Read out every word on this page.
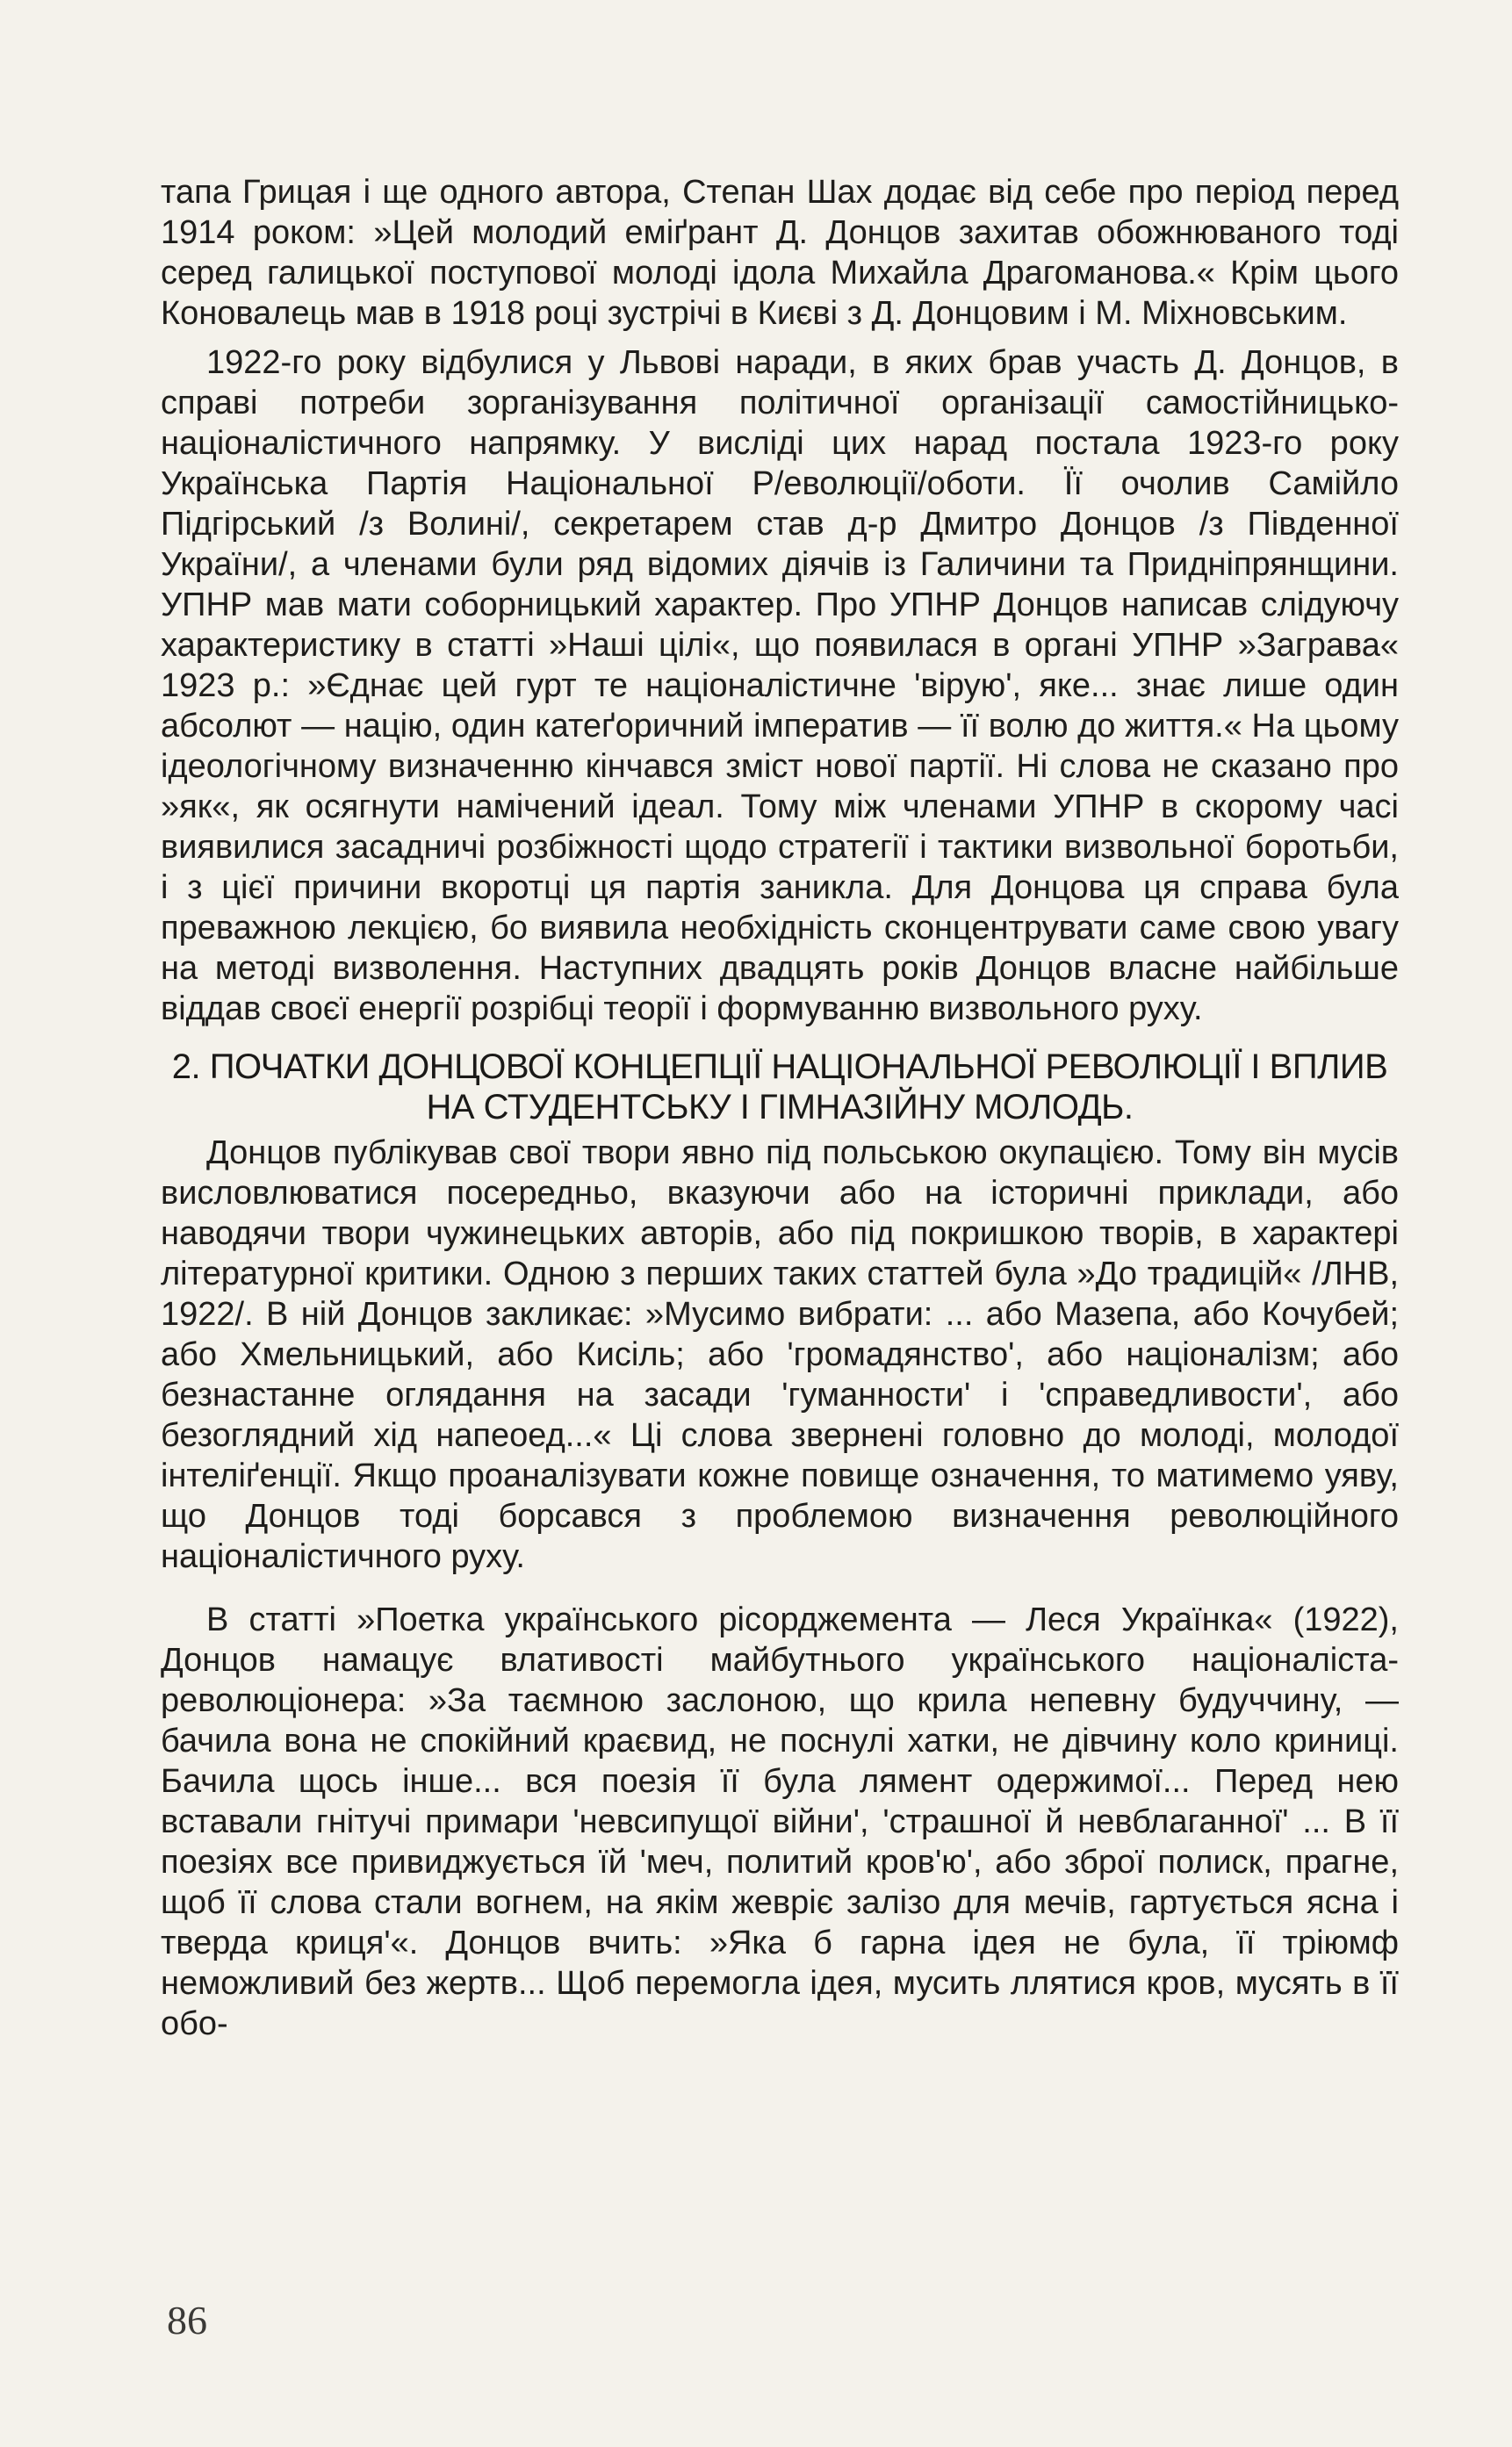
тапа Грицая і ще одного автора, Степан Шах додає від себе про період перед 1914 роком: »Цей молодий еміґрант Д. Донцов захитав обожнюваного тоді серед галицької поступової молоді ідола Михайла Драгоманова.« Крім цього Коновалець мав в 1918 році зустрічі в Києві з Д. Донцовим і М. Міхновським.

1922-го року відбулися у Львові наради, в яких брав участь Д. Донцов, в справі потреби зорганізування політичної організації самостійницько-націоналістичного напрямку. У висліді цих нарад постала 1923-го року Українська Партія Національної Р/еволюції/оботи. Її очолив Самійло Підгірський /з Волині/, секретарем став д-р Дмитро Донцов /з Південної України/, а членами були ряд відомих діячів із Галичини та Придніпрянщини. УПНР мав мати соборницький характер. Про УПНР Донцов написав слідуючу характеристику в статті »Наші цілі«, що появилася в органі УПНР »Заграва« 1923 р.: »Єднає цей гурт те націоналістичне 'вірую', яке... знає лише один абсолют — націю, один катеґоричний імператив — її волю до життя.« На цьому ідеологічному визначенню кінчався зміст нової партії. Ні слова не сказано про »як«, як осягнути намічений ідеал. Тому між членами УПНР в скорому часі виявилися засадничі розбіжності щодо стратегії і тактики визвольної боротьби, і з цієї причини вкоротці ця партія заникла. Для Донцова ця справа була преважною лекцією, бо виявила необхідність сконцентрувати саме свою увагу на методі визволення. Наступних двадцять років Донцов власне найбільше віддав своєї енергії розрібці теорії і формуванню визвольного руху.

2. ПОЧАТКИ ДОНЦОВОЇ КОНЦЕПЦІЇ НАЦІОНАЛЬНОЇ РЕВОЛЮЦІЇ І ВПЛИВ НА СТУДЕНТСЬКУ І ГІМНАЗІЙНУ МОЛОДЬ.

Донцов публікував свої твори явно під польською окупацією. Тому він мусів висловлюватися посередньо, вказуючи або на історичні приклади, або наводячи твори чужинецьких авторів, або під покришкою творів, в характері літературної критики. Одною з перших таких статтей була »До традицій« /ЛНВ, 1922/. В ній Донцов закликає: »Мусимо вибрати: ... або Мазепа, або Кочубей; або Хмельницький, або Кисіль; або 'громадянство', або націоналізм; або безнастанне оглядання на засади 'гуманности' і 'справедливости', або безоглядний хід напеоед...« Ці слова звернені головно до молоді, молодої інтеліґенції. Якщо проаналізувати кожне повище означення, то матимемо уяву, що Донцов тоді борсався з проблемою визначення революційного націоналістичного руху.

В статті »Поетка українського рісорджемента — Леся Українка« (1922), Донцов намацує влативості майбутнього українського націоналіста-революціонера: »За таємною заслоною, що крила непевну будуччину, — бачила вона не спокійний краєвид, не поснулі хатки, не дівчину коло криниці. Бачила щось інше... вся поезія її була лямент одержимої... Перед нею вставали гнітучі примари 'невсипущої війни', 'страшної й невблаганної' ... В її поезіях все привиджується їй 'меч, политий кров'ю', або зброї полиск, прагне, щоб її слова стали вогнем, на якім жевріє залізо для мечів, гартується ясна і тверда криця'«. Донцов вчить: »Яка б гарна ідея не була, її тріюмф неможливий без жертв... Щоб перемогла ідея, мусить ллятися кров, мусять в її обо-

86
